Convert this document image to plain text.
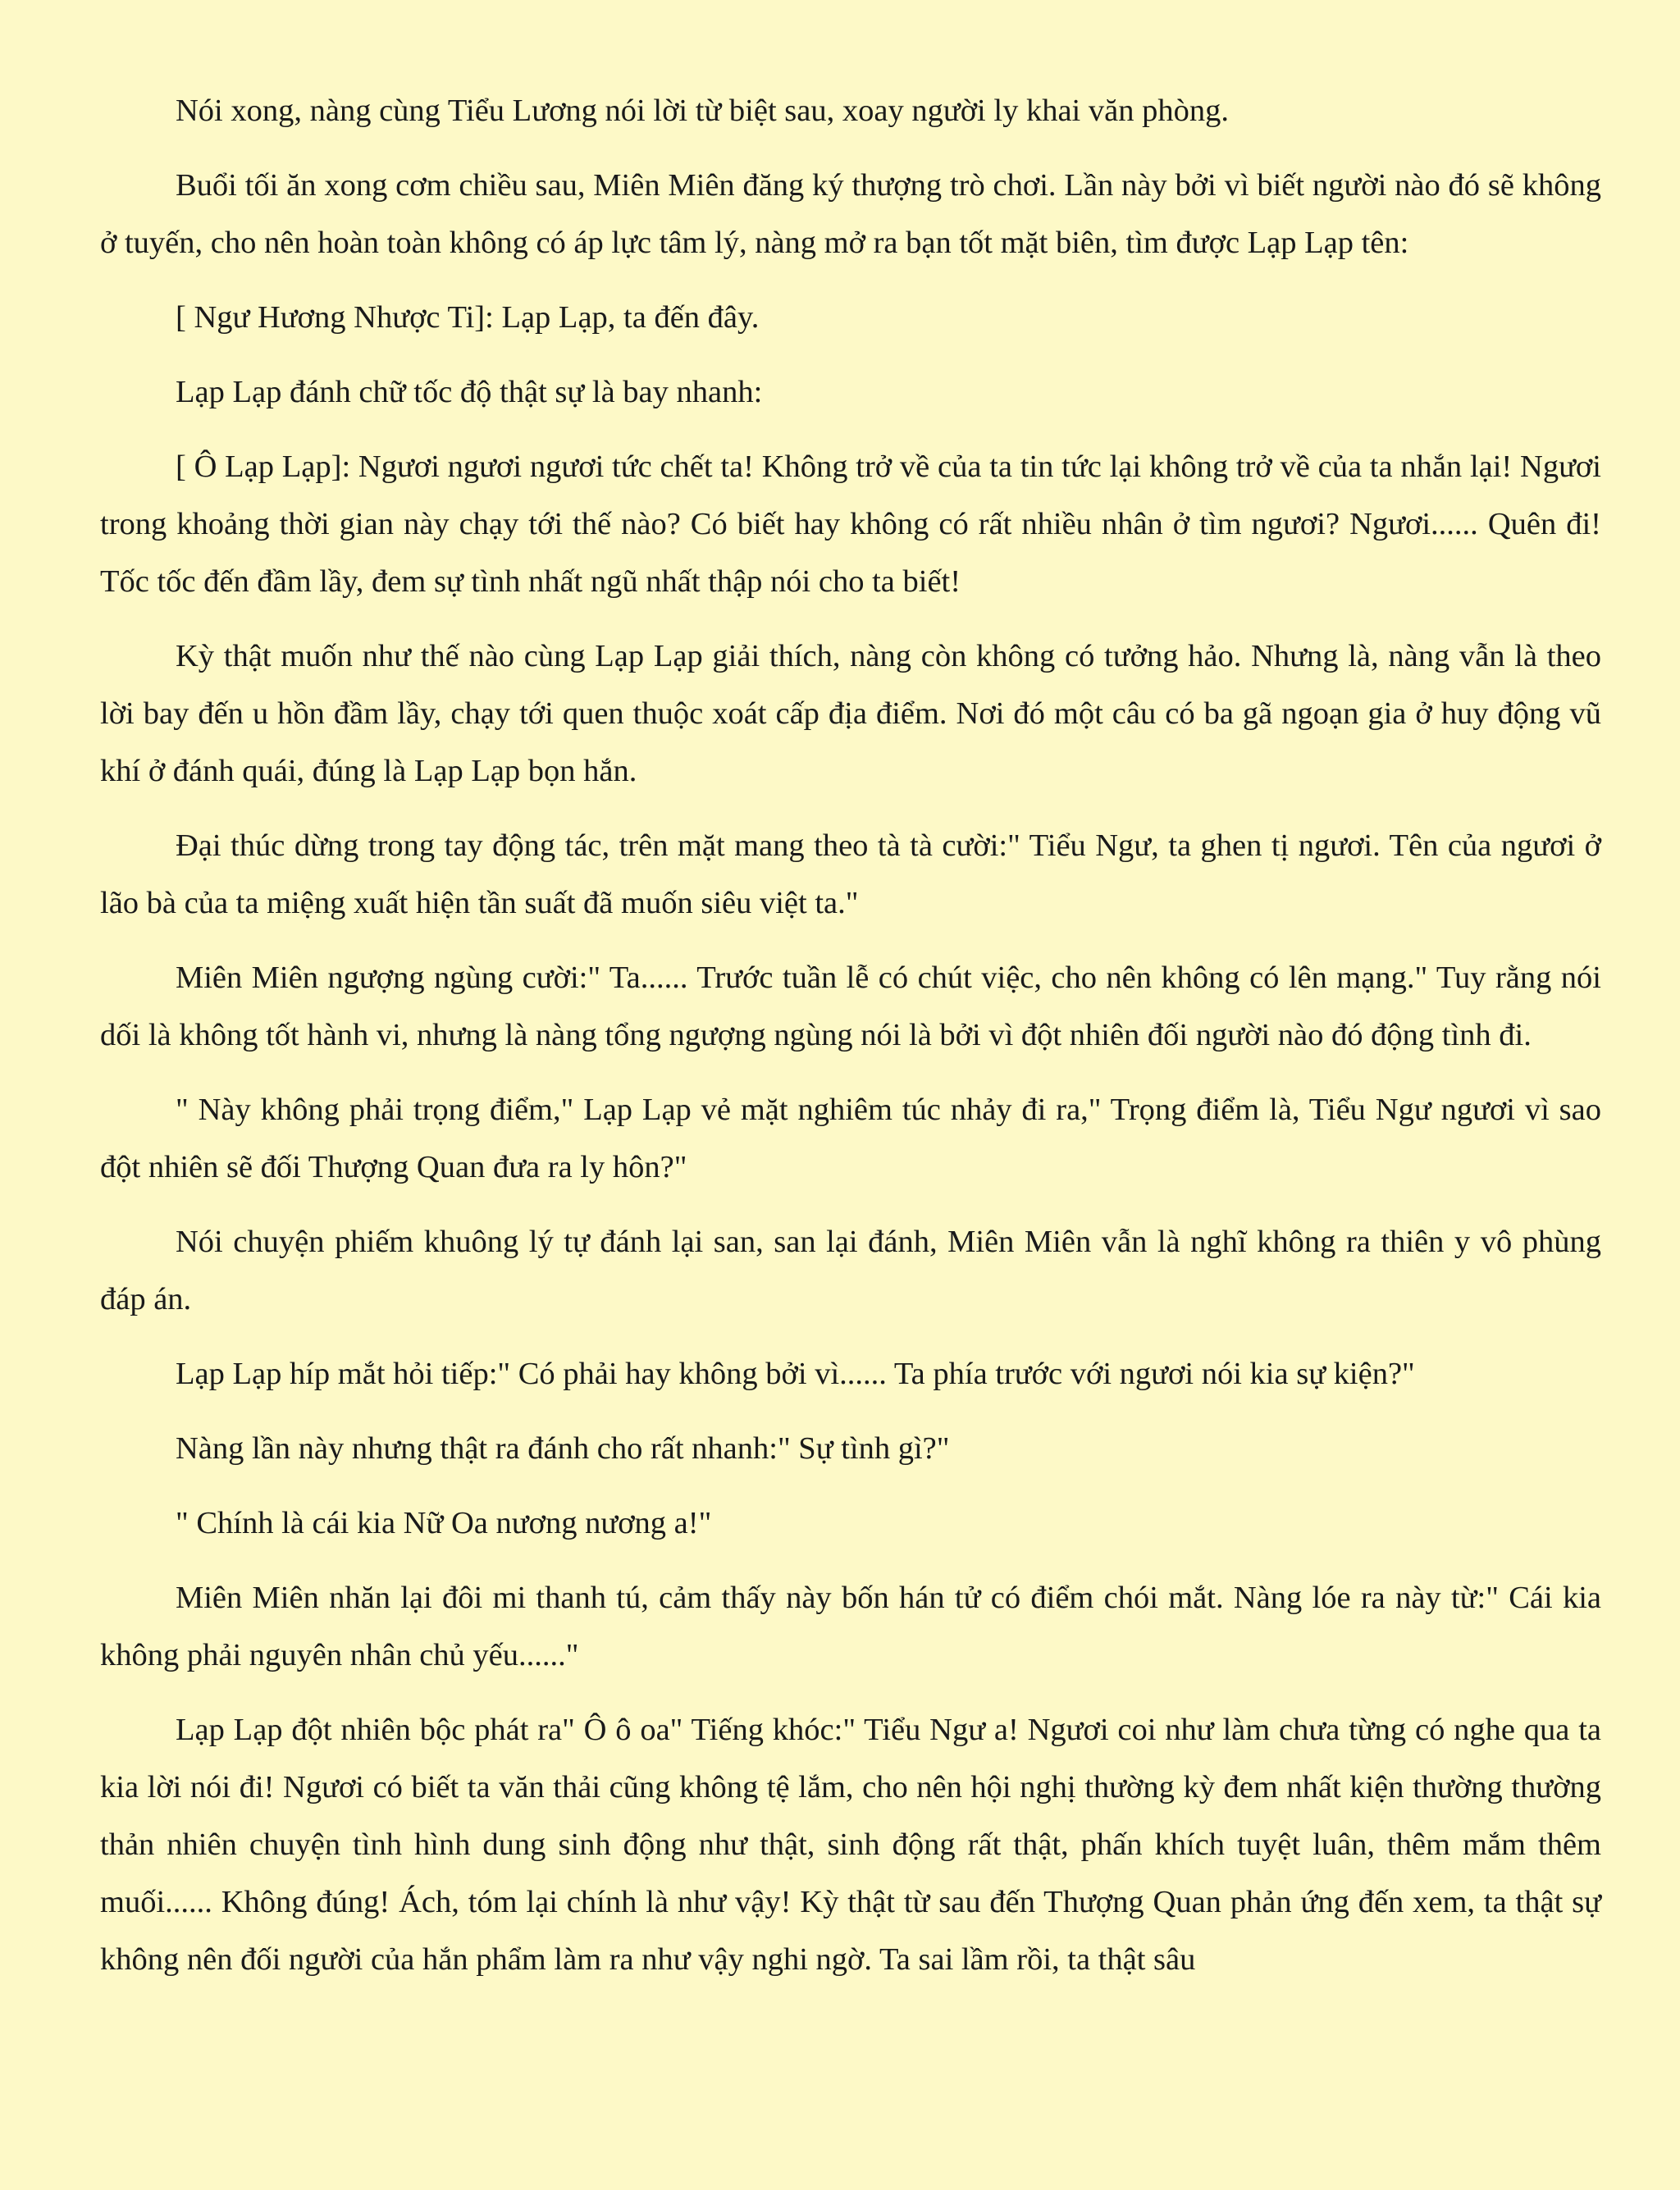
Nói xong, nàng cùng Tiểu Lương nói lời từ biệt sau, xoay người ly khai văn phòng.

Buổi tối ăn xong cơm chiều sau, Miên Miên đăng ký thượng trò chơi. Lần này bởi vì biết người nào đó sẽ không ở tuyến, cho nên hoàn toàn không có áp lực tâm lý, nàng mở ra bạn tốt mặt biên, tìm được Lạp Lạp tên:

[ Ngư Hương Nhược Ti]: Lạp Lạp, ta đến đây.

Lạp Lạp đánh chữ tốc độ thật sự là bay nhanh:

[ Ô Lạp Lạp]: Ngươi ngươi ngươi tức chết ta! Không trở về của ta tin tức lại không trở về của ta nhắn lại! Ngươi trong khoảng thời gian này chạy tới thế nào? Có biết hay không có rất nhiều nhân ở tìm ngươi? Ngươi...... Quên đi! Tốc tốc đến đầm lầy, đem sự tình nhất ngũ nhất thập nói cho ta biết!

Kỳ thật muốn như thế nào cùng Lạp Lạp giải thích, nàng còn không có tưởng hảo. Nhưng là, nàng vẫn là theo lời bay đến u hồn đầm lầy, chạy tới quen thuộc xoát cấp địa điểm. Nơi đó một câu có ba gã ngoạn gia ở huy động vũ khí ở đánh quái, đúng là Lạp Lạp bọn hắn.

Đại thúc dừng trong tay động tác, trên mặt mang theo tà tà cười:" Tiểu Ngư, ta ghen tị ngươi. Tên của ngươi ở lão bà của ta miệng xuất hiện tần suất đã muốn siêu việt ta."

Miên Miên ngượng ngùng cười:" Ta...... Trước tuần lễ có chút việc, cho nên không có lên mạng." Tuy rằng nói dối là không tốt hành vi, nhưng là nàng tổng ngượng ngùng nói là bởi vì đột nhiên đối người nào đó động tình đi.

" Này không phải trọng điểm," Lạp Lạp vẻ mặt nghiêm túc nhảy đi ra," Trọng điểm là, Tiểu Ngư ngươi vì sao đột nhiên sẽ đối Thượng Quan đưa ra ly hôn?"

Nói chuyện phiếm khuông lý tự đánh lại san, san lại đánh, Miên Miên vẫn là nghĩ không ra thiên y vô phùng đáp án.

Lạp Lạp híp mắt hỏi tiếp:" Có phải hay không bởi vì...... Ta phía trước với ngươi nói kia sự kiện?"

Nàng lần này nhưng thật ra đánh cho rất nhanh:" Sự tình gì?"

" Chính là cái kia Nữ Oa nương nương a!"

Miên Miên nhăn lại đôi mi thanh tú, cảm thấy này bốn hán tử có điểm chói mắt. Nàng lóe ra này từ:" Cái kia không phải nguyên nhân chủ yếu......"

Lạp Lạp đột nhiên bộc phát ra" Ô ô oa" Tiếng khóc:" Tiểu Ngư a! Ngươi coi như làm chưa từng có nghe qua ta kia lời nói đi! Ngươi có biết ta văn thải cũng không tệ lắm, cho nên hội nghị thường kỳ đem nhất kiện thường thường thản nhiên chuyện tình hình dung sinh động như thật, sinh động rất thật, phấn khích tuyệt luân, thêm mắm thêm muối...... Không đúng! Ách, tóm lại chính là như vậy! Kỳ thật từ sau đến Thượng Quan phản ứng đến xem, ta thật sự không nên đối người của hắn phẩm làm ra như vậy nghi ngờ. Ta sai lầm rồi, ta thật sâu
